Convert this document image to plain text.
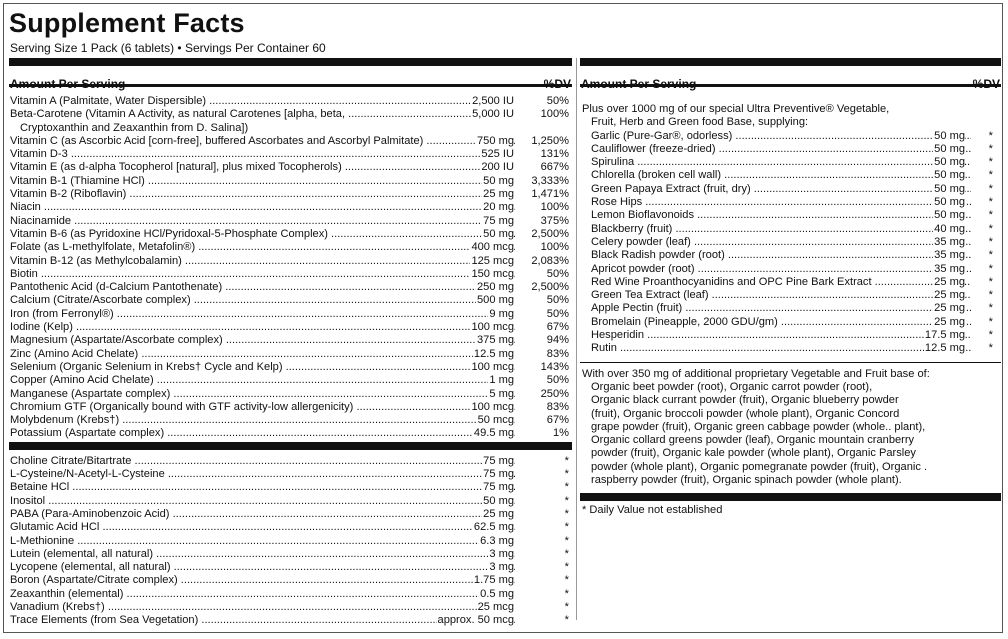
Supplement Facts
Serving Size 1 Pack (6 tablets) • Servings Per Container 60
Amount Per Serving	%DV
Vitamin A (Palmitate, Water Dispersible) .....	2,500 IU	50%
Beta-Carotene (Vitamin A Activity, as natural Carotenes [alpha, beta, .....	5,000 IU	100%
Cryptoxanthin and Zeaxanthin from D. Salina])
Vitamin C (as Ascorbic Acid [corn-free], buffered Ascorbates and Ascorbyl Palmitate) .....	750 mg	1,250%
Vitamin D-3 .....	525 IU	131%
Vitamin E (as d-alpha Tocopherol [natural], plus mixed Tocopherols) .....	200 IU	667%
Vitamin B-1 (Thiamine HCl) .....	50 mg	3,333%
Vitamin B-2 (Riboflavin) .....	25 mg	1,471%
Niacin .....	20 mg	100%
Niacinamide .....	75 mg	375%
Vitamin B-6 (as Pyridoxine HCl/Pyridoxal-5-Phosphate Complex) .....	50 mg	2,500%
Folate (as L-methylfolate, Metafolin®) .....	400 mcg	100%
Vitamin B-12 (as Methylcobalamin) .....	125 mcg	2,083%
Biotin .....	150 mcg	50%
Pantothenic Acid (d-Calcium Pantothenate) .....	250 mg	2,500%
Calcium (Citrate/Ascorbate complex) .....	500 mg	50%
Iron (from Ferronyl®) .....	9 mg	50%
Iodine (Kelp) .....	100 mcg	67%
Magnesium (Aspartate/Ascorbate complex) .....	375 mg	94%
Zinc (Amino Acid Chelate) .....	12.5 mg	83%
Selenium (Organic Selenium in Krebs† Cycle and Kelp) .....	100 mcg	143%
Copper (Amino Acid Chelate) .....	1 mg	50%
Manganese (Aspartate complex) .....	5 mg	250%
Chromium GTF (Organically bound with GTF activity-low allergenicity) .....	100 mcg	83%
Molybdenum (Krebs†) .....	50 mcg	67%
Potassium (Aspartate complex) .....	49.5 mg	1%
Choline Citrate/Bitartrate .....	75 mg	*
L-Cysteine/N-Acetyl-L-Cysteine .....	75 mg	*
Betaine HCl .....	75 mg	*
Inositol .....	50 mg	*
PABA (Para-Aminobenzoic Acid) .....	25 mg	*
Glutamic Acid HCl .....	62.5 mg	*
L-Methionine .....	6.3 mg	*
Lutein (elemental, all natural) .....	3 mg	*
Lycopene (elemental, all natural) .....	3 mg	*
Boron (Aspartate/Citrate complex) .....	1.75 mg	*
Zeaxanthin (elemental) .....	0.5 mg	*
Vanadium (Krebs†) .....	25 mcg	*
Trace Elements (from Sea Vegetation) .....	approx. 50 mcg	*
Amount Per Serving	%DV
Plus over 1000 mg of our special Ultra Preventive® Vegetable,
Fruit, Herb and Green food Base, supplying:
Garlic (Pure-Gar®, odorless) .....	50 mg	*
Cauliflower (freeze-dried) .....	50 mg	*
Spirulina .....	50 mg	*
Chlorella (broken cell wall) .....	50 mg	*
Green Papaya Extract (fruit, dry) .....	50 mg	*
Rose Hips .....	50 mg	*
Lemon Bioflavonoids .....	50 mg	*
Blackberry (fruit) .....	40 mg	*
Celery powder (leaf) .....	35 mg	*
Black Radish powder (root) .....	35 mg	*
Apricot powder (root) .....	35 mg	*
Red Wine Proanthocyanidins and OPC Pine Bark Extract .....	25 mg	*
Green Tea Extract (leaf) .....	25 mg	*
Apple Pectin (fruit) .....	25 mg	*
Bromelain (Pineapple, 2000 GDU/gm) .....	25 mg	*
Hesperidin .....	17.5 mg	*
Rutin .....	12.5 mg	*
With over 350 mg of additional proprietary Vegetable and Fruit base of:
Organic beet powder (root), Organic carrot powder (root),
Organic black currant powder (fruit), Organic blueberry powder
(fruit), Organic broccoli powder (whole plant), Organic Concord
grape powder (fruit), Organic green cabbage powder (whole.. plant),
Organic collard greens powder (leaf), Organic mountain cranberry
powder (fruit), Organic kale powder (whole plant), Organic Parsley
powder (whole plant), Organic pomegranate powder (fruit), Organic .
raspberry powder (fruit), Organic spinach powder (whole plant).
* Daily Value not established
